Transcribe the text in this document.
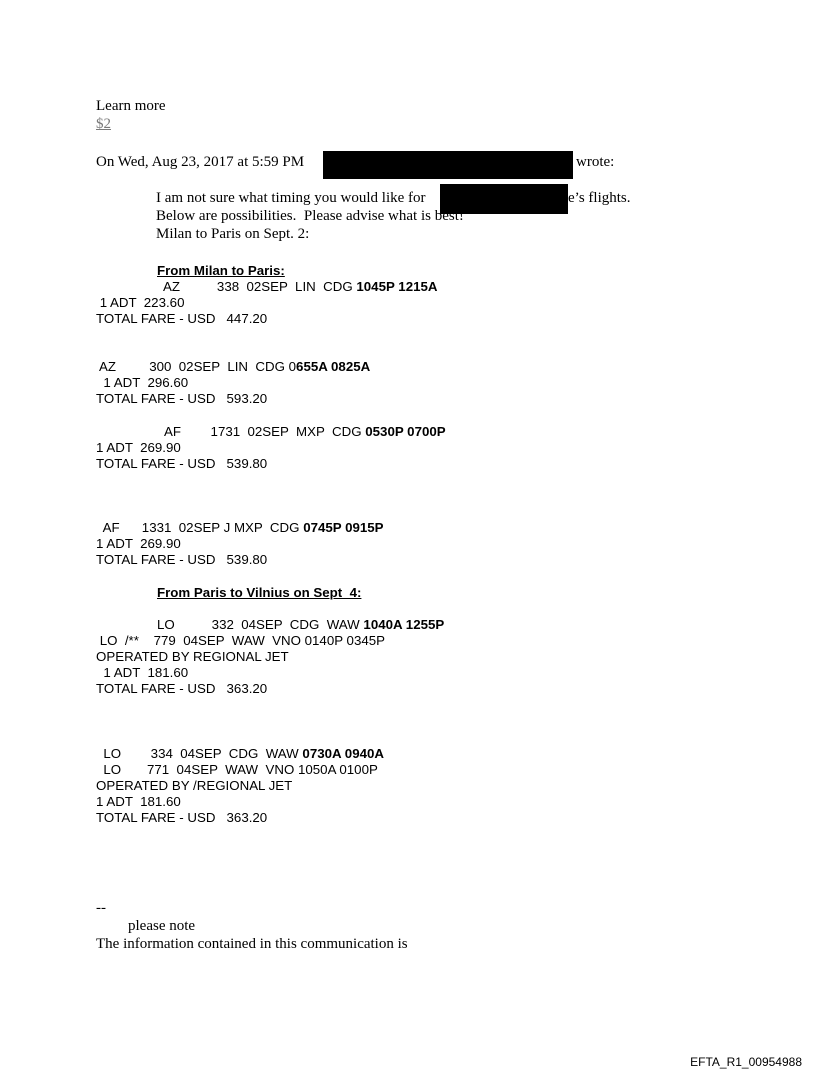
Learn more
$2
On Wed, Aug 23, 2017 at 5:59 PM	wrote:
I am not sure what timing you would like for	e’s flights.
Below are possibilities.  Please advise what is best!
Milan to Paris on Sept. 2:
From Milan to Paris:
AZ          338  02SEP  LIN  CDG 1045P 1215A
1 ADT  223.60
TOTAL FARE - USD   447.20
AZ         300  02SEP  LIN  CDG 0655A 0825A
1 ADT  296.60
TOTAL FARE - USD   593.20
AF        1731  02SEP  MXP  CDG 0530P 0700P
1 ADT  269.90
TOTAL FARE - USD   539.80
AF      1331  02SEP J MXP  CDG 0745P 0915P
1 ADT  269.90
TOTAL FARE - USD   539.80
From Paris to Vilnius on Sept  4:
LO          332  04SEP  CDG  WAW 1040A 1255P
LO  /**    779  04SEP  WAW  VNO 0140P 0345P
OPERATED BY REGIONAL JET
1 ADT  181.60
TOTAL FARE - USD   363.20
LO        334  04SEP  CDG  WAW 0730A 0940A
LO       771  04SEP  WAW  VNO 1050A 0100P
OPERATED BY /REGIONAL JET
1 ADT  181.60
TOTAL FARE - USD   363.20
--
please note
The information contained in this communication is
EFTA_R1_00954988
